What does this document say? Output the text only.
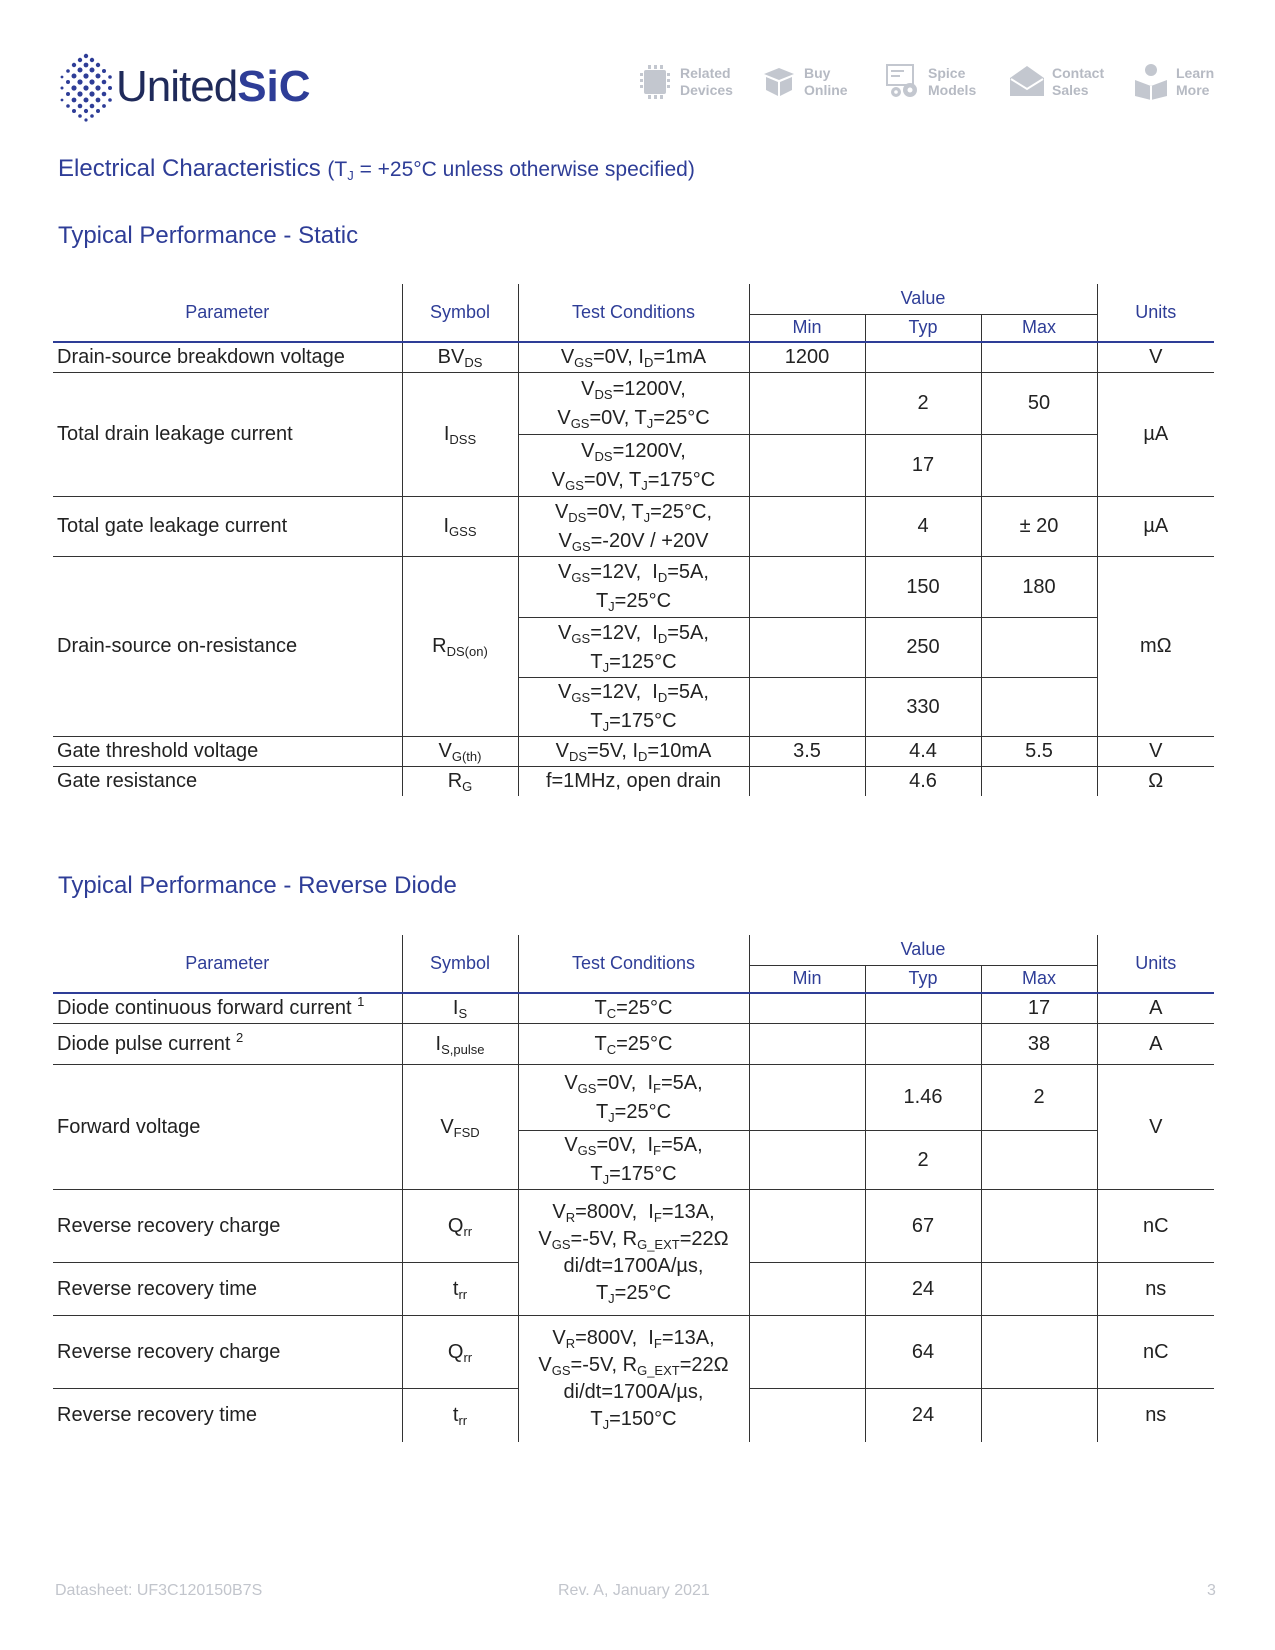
UnitedSiC	Related
Devices
Buy
Online
Spice
Models
Contact
Sales
Learn
More
Electrical Characteristics ($T_J = +25^\circ C$ unless otherwise specified)
Typical Performance - Static
Parameter	Symbol	Test Conditions	Value			Units
			Min	Typ	Max	
Drain-source breakdown voltage	$BV_{DS}$	$V_{GS}=0V$, $I_D=1mA$	1200			V
Total drain leakage current	$I_{DSS}$	$V_{DS}=1200V$,
$V_{GS}=0V$, $T_J=25^\circ C$		2	50	µA
		$V_{DS}=1200V$,
$V_{GS}=0V$, $T_J=175^\circ C$		17		
Total gate leakage current	$I_{GSS}$	$V_{DS}=0V$, $T_J=25^\circ C$,
$V_{GS}=-20V / +20V$		4	± 20	µA
Drain-source on-resistance	$R_{DS(on)}$	$V_{GS}=12V$,  $I_D=5A$,
$T_J=25^\circ C$		150	180	mΩ
		$V_{GS}=12V$,  $I_D=5A$,
$T_J=125^\circ C$		250		
		$V_{GS}=12V$,  $I_D=5A$,
$T_J=175^\circ C$		330		
Gate threshold voltage	$V_{G(th)}$	$V_{DS}=5V$, $I_D=10mA$	3.5	4.4	5.5	V
Gate resistance	$R_G$	f=1MHz, open drain		4.6		Ω
Typical Performance - Reverse Diode
Parameter	Symbol	Test Conditions	Value			Units
			Min	Typ	Max	
Diode continuous forward current $^1$	$I_S$	$T_C=25^\circ C$			17	A
Diode pulse current $^2$	$I_{S,pulse}$	$T_C=25^\circ C$			38	A
Forward voltage	$V_{FSD}$	$V_{GS}=0V$,  $I_F=5A$,
$T_J=25^\circ C$		1.46	2	V
		$V_{GS}=0V$,  $I_F=5A$,
$T_J=175^\circ C$		2		
Reverse recovery charge	$Q_{rr}$	$V_R=800V$,  $I_F=13A$,
$V_{GS}=-5V$, $R_{G\_EXT}=22\Omega$
di/dt=1700A/µs,
$T_J=25^\circ C$		67		nC
Reverse recovery time	$t_{rr}$			24		ns
Reverse recovery charge	$Q_{rr}$	$V_R=800V$,  $I_F=13A$,
$V_{GS}=-5V$, $R_{G\_EXT}=22\Omega$
di/dt=1700A/µs,
$T_J=150^\circ C$		64		nC
Reverse recovery time	$t_{rr}$			24		ns
Datasheet: UF3C120150B7S	Rev. A, January 2021	3
